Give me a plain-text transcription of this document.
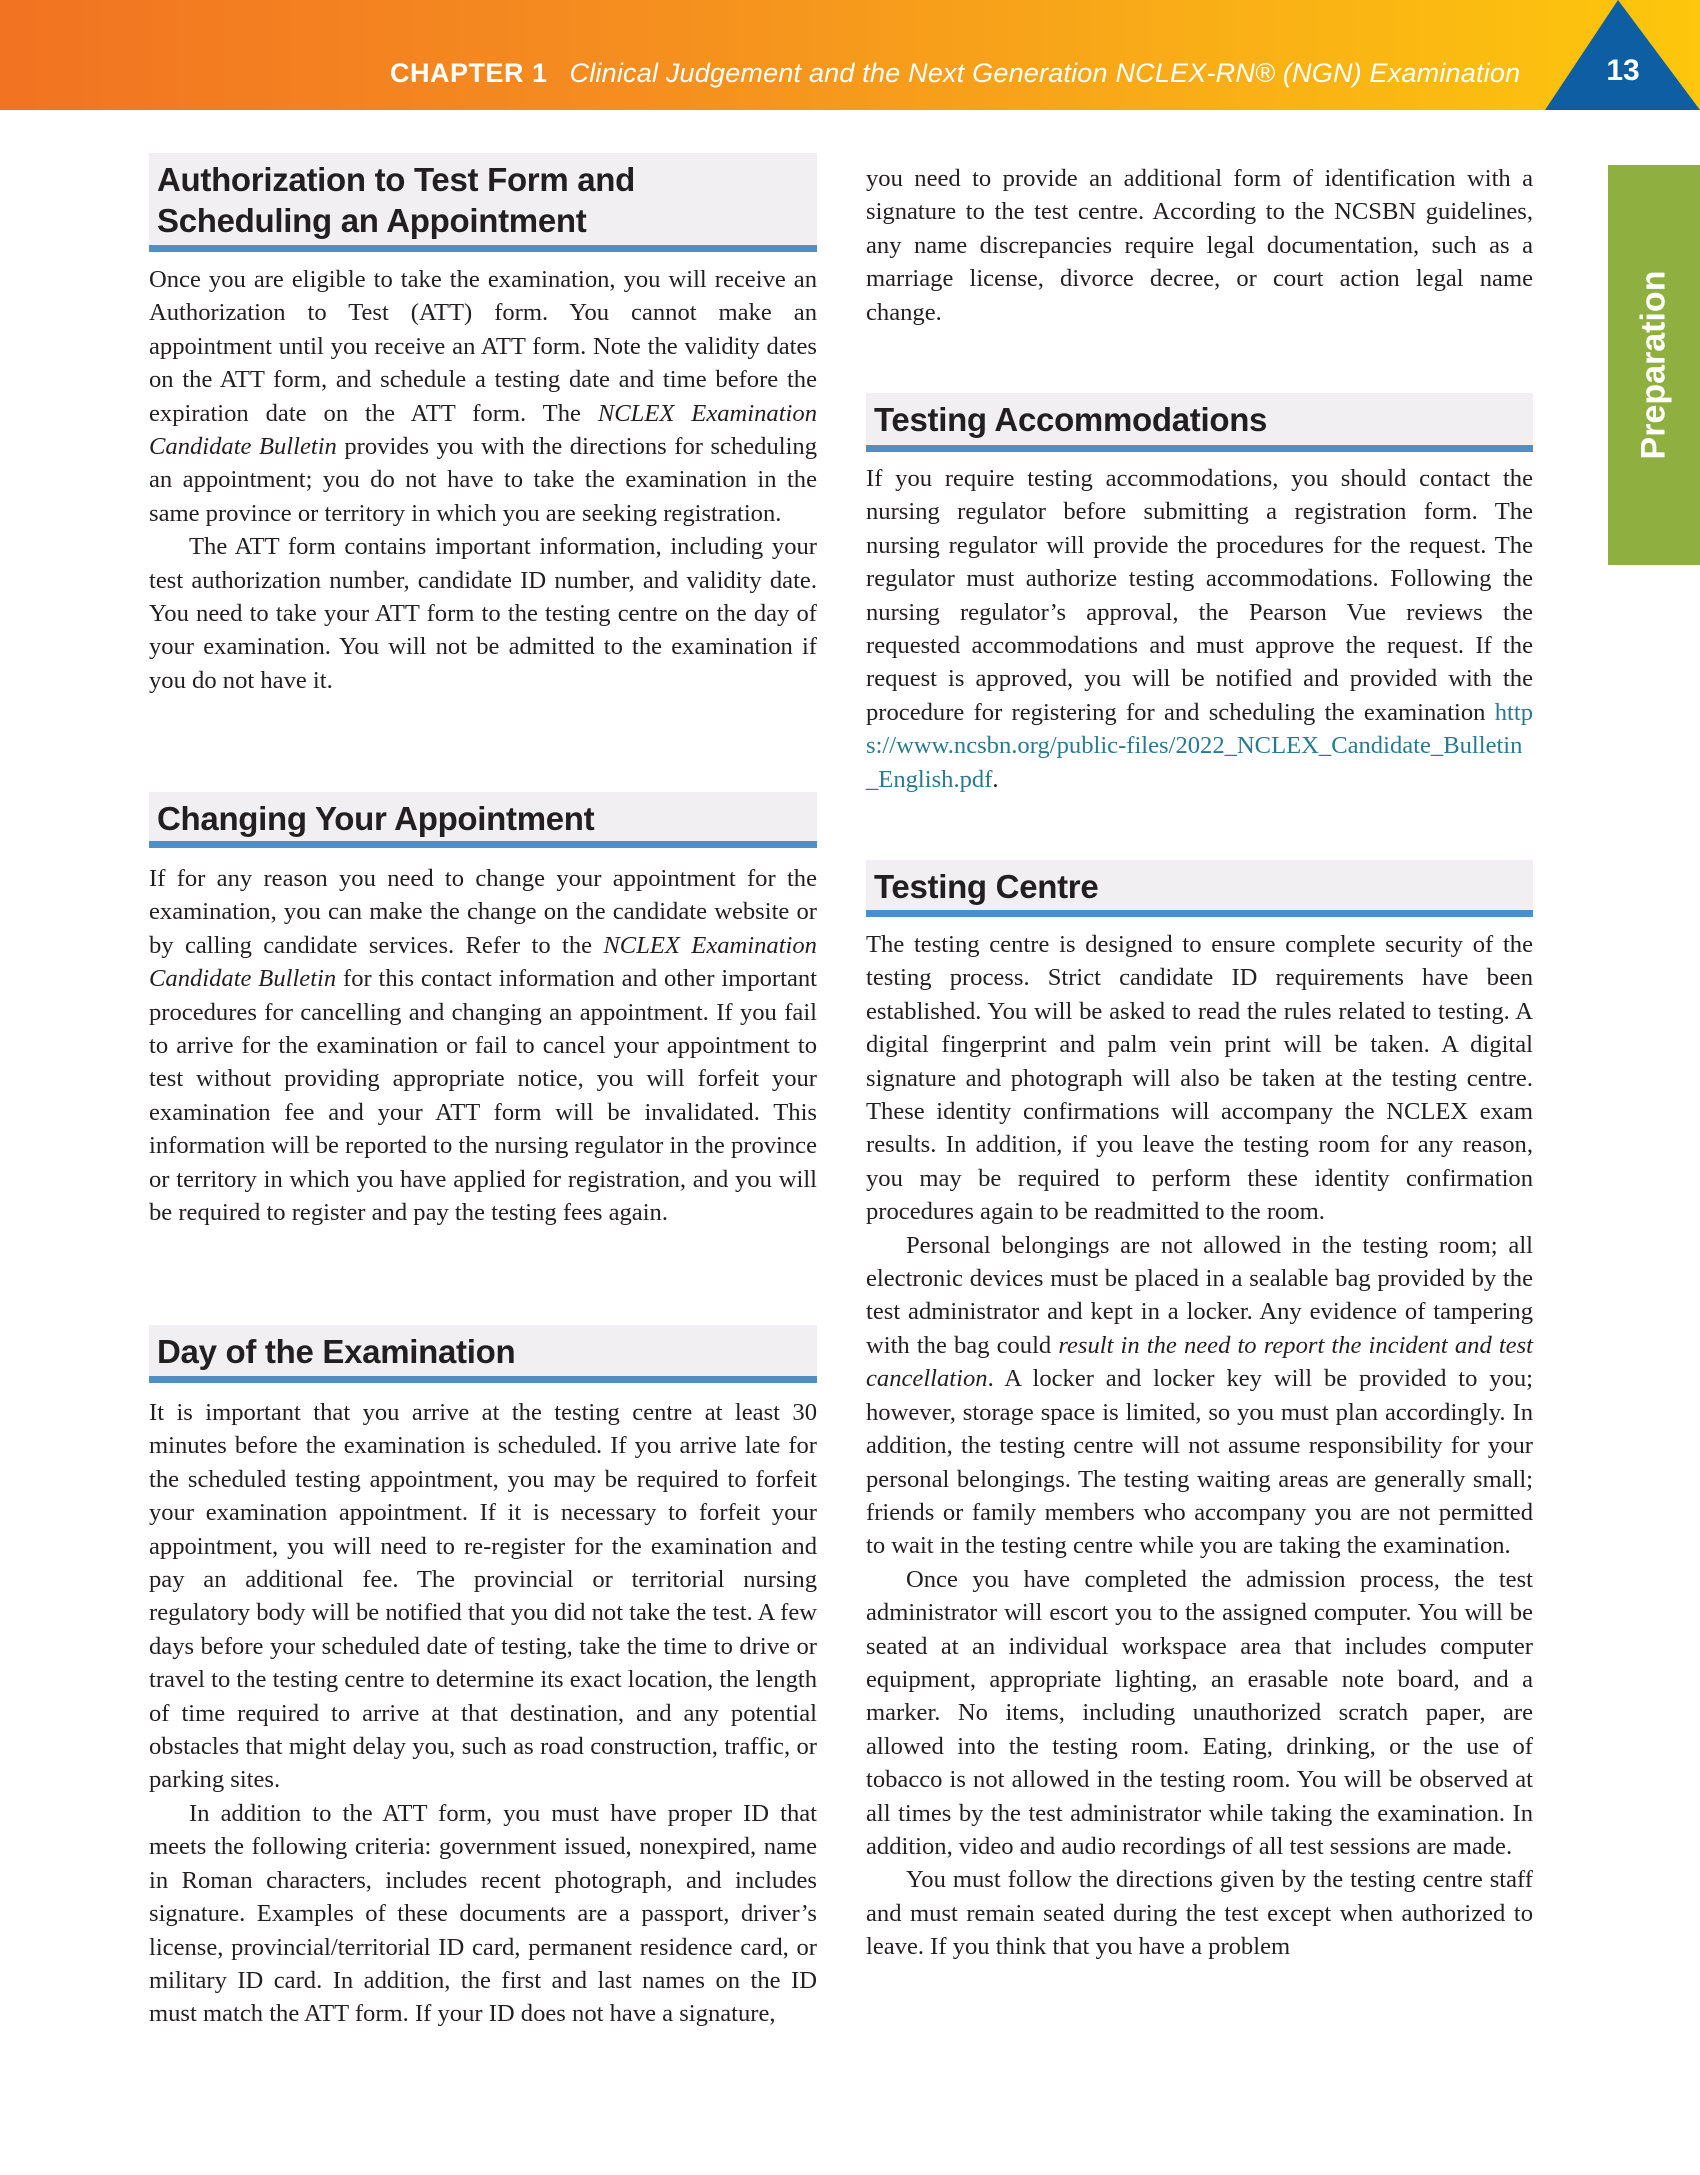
CHAPTER 1 Clinical Judgement and the Next Generation NCLEX-RN® (NGN) Examination	13
Preparation
Authorization to Test Form and
Scheduling an Appointment

Once you are eligible to take the examination, you will receive an Authorization to Test (ATT) form. You cannot make an appointment until you receive an ATT form. Note the validity dates on the ATT form, and schedule a testing date and time before the expiration date on the ATT form. The NCLEX Examination Candidate Bulletin provides you with the directions for scheduling an appointment; you do not have to take the examination in the same province or territory in which you are seeking registration.

The ATT form contains important information, including your test authorization number, candidate ID number, and validity date. You need to take your ATT form to the testing centre on the day of your examination. You will not be admitted to the examination if you do not have it.

Changing Your Appointment

If for any reason you need to change your appointment for the examination, you can make the change on the candidate website or by calling candidate services. Refer to the NCLEX Examination Candidate Bulletin for this contact information and other important procedures for cancelling and changing an appointment. If you fail to arrive for the examination or fail to cancel your appointment to test without providing appropriate notice, you will forfeit your examination fee and your ATT form will be invalidated. This information will be reported to the nursing regulator in the province or territory in which you have applied for registration, and you will be required to register and pay the testing fees again.

Day of the Examination

It is important that you arrive at the testing centre at least 30 minutes before the examination is scheduled. If you arrive late for the scheduled testing appointment, you may be required to forfeit your examination appointment. If it is necessary to forfeit your appointment, you will need to re-register for the examination and pay an additional fee. The provincial or territorial nursing regulatory body will be notified that you did not take the test. A few days before your scheduled date of testing, take the time to drive or travel to the testing centre to determine its exact location, the length of time required to arrive at that destination, and any potential obstacles that might delay you, such as road construction, traffic, or parking sites.

In addition to the ATT form, you must have proper ID that meets the following criteria: government issued, nonexpired, name in Roman characters, includes recent photograph, and includes signature. Examples of these documents are a passport, driver’s license, provincial/territorial ID card, permanent residence card, or military ID card. In addition, the first and last names on the ID must match the ATT form. If your ID does not have a signature,

you need to provide an additional form of identification with a signature to the test centre. According to the NCSBN guidelines, any name discrepancies require legal documentation, such as a marriage license, divorce decree, or court action legal name change.

Testing Accommodations

If you require testing accommodations, you should contact the nursing regulator before submitting a registration form. The nursing regulator will provide the procedures for the request. The regulator must authorize testing accommodations. Following the nursing regulator’s approval, the Pearson Vue reviews the requested accommodations and must approve the request. If the request is approved, you will be notified and provided with the procedure for registering for and scheduling the examination https://www.ncsbn.org/public-files/2022_NCLEX_Candidate_Bulletin_English.pdf.

Testing Centre

The testing centre is designed to ensure complete security of the testing process. Strict candidate ID requirements have been established. You will be asked to read the rules related to testing. A digital fingerprint and palm vein print will be taken. A digital signature and photograph will also be taken at the testing centre. These identity confirmations will accompany the NCLEX exam results. In addition, if you leave the testing room for any reason, you may be required to perform these identity confirmation procedures again to be readmitted to the room.

Personal belongings are not allowed in the testing room; all electronic devices must be placed in a sealable bag provided by the test administrator and kept in a locker. Any evidence of tampering with the bag could result in the need to report the incident and test cancellation. A locker and locker key will be provided to you; however, storage space is limited, so you must plan accordingly. In addition, the testing centre will not assume responsibility for your personal belongings. The testing waiting areas are generally small; friends or family members who accompany you are not permitted to wait in the testing centre while you are taking the examination.

Once you have completed the admission process, the test administrator will escort you to the assigned computer. You will be seated at an individual workspace area that includes computer equipment, appropriate lighting, an erasable note board, and a marker. No items, including unauthorized scratch paper, are allowed into the testing room. Eating, drinking, or the use of tobacco is not allowed in the testing room. You will be observed at all times by the test administrator while taking the examination. In addition, video and audio recordings of all test sessions are made.

You must follow the directions given by the testing centre staff and must remain seated during the test except when authorized to leave. If you think that you have a problem
